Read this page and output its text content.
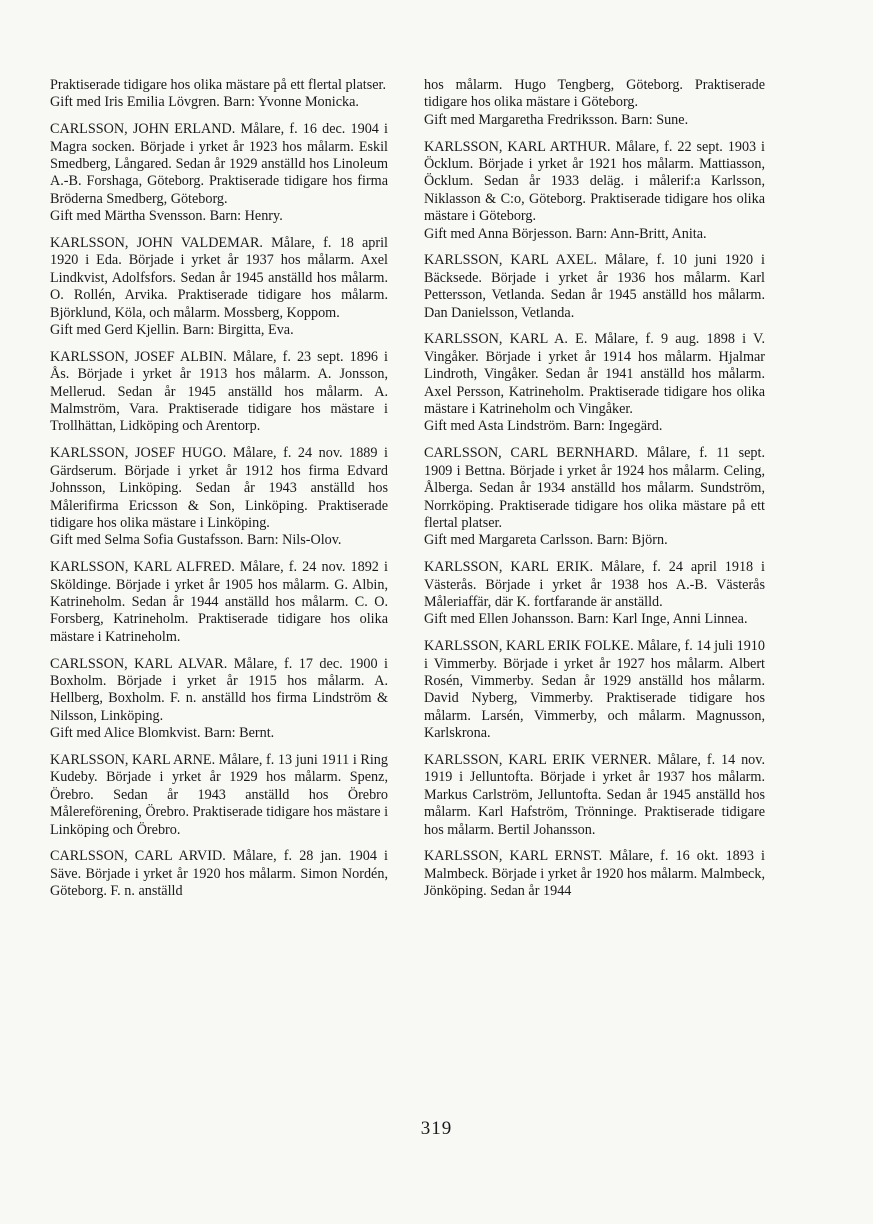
Praktiserade tidigare hos olika mästare på ett flertal platser.

Gift med Iris Emilia Lövgren. Barn: Yvonne Monicka.

CARLSSON, JOHN ERLAND. Målare, f. 16 dec. 1904 i Magra socken. Började i yrket år 1923 hos målarm. Eskil Smedberg, Långared. Sedan år 1929 anställd hos Linoleum A.-B. Forshaga, Göteborg. Praktiserade tidigare hos firma Bröderna Smedberg, Göteborg.

Gift med Märtha Svensson. Barn: Henry.

KARLSSON, JOHN VALDEMAR. Målare, f. 18 april 1920 i Eda. Började i yrket år 1937 hos målarm. Axel Lindkvist, Adolfsfors. Sedan år 1945 anställd hos målarm. O. Rollén, Arvika. Praktiserade tidigare hos målarm. Björklund, Köla, och målarm. Mossberg, Koppom.

Gift med Gerd Kjellin. Barn: Birgitta, Eva.

KARLSSON, JOSEF ALBIN. Målare, f. 23 sept. 1896 i Ås. Började i yrket år 1913 hos målarm. A. Jonsson, Mellerud. Sedan år 1945 anställd hos målarm. A. Malmström, Vara. Praktiserade tidigare hos mästare i Trollhättan, Lidköping och Arentorp.

KARLSSON, JOSEF HUGO. Målare, f. 24 nov. 1889 i Gärdserum. Började i yrket år 1912 hos firma Edvard Johnsson, Linköping. Sedan år 1943 anställd hos Målerifirma Ericsson & Son, Linköping. Praktiserade tidigare hos olika mästare i Linköping.

Gift med Selma Sofia Gustafsson. Barn: Nils-Olov.

KARLSSON, KARL ALFRED. Målare, f. 24 nov. 1892 i Sköldinge. Började i yrket år 1905 hos målarm. G. Albin, Katrineholm. Sedan år 1944 anställd hos målarm. C. O. Forsberg, Katrineholm. Praktiserade tidigare hos olika mästare i Katrineholm.

CARLSSON, KARL ALVAR. Målare, f. 17 dec. 1900 i Boxholm. Började i yrket år 1915 hos målarm. A. Hellberg, Boxholm. F. n. anställd hos firma Lindström & Nilsson, Linköping.

Gift med Alice Blomkvist. Barn: Bernt.

KARLSSON, KARL ARNE. Målare, f. 13 juni 1911 i Ring Kudeby. Började i yrket år 1929 hos målarm. Spenz, Örebro. Sedan år 1943 anställd hos Örebro Målereförening, Örebro. Praktiserade tidigare hos mästare i Linköping och Örebro.

CARLSSON, CARL ARVID. Målare, f. 28 jan. 1904 i Säve. Började i yrket år 1920 hos målarm. Simon Nordén, Göteborg. F. n. anställd

hos målarm. Hugo Tengberg, Göteborg. Praktiserade tidigare hos olika mästare i Göteborg.

Gift med Margaretha Fredriksson. Barn: Sune.

KARLSSON, KARL ARTHUR. Målare, f. 22 sept. 1903 i Öcklum. Började i yrket år 1921 hos målarm. Mattiasson, Öcklum. Sedan år 1933 deläg. i målerif:a Karlsson, Niklasson & C:o, Göteborg. Praktiserade tidigare hos olika mästare i Göteborg.

Gift med Anna Börjesson. Barn: Ann-Britt, Anita.

KARLSSON, KARL AXEL. Målare, f. 10 juni 1920 i Bäcksede. Började i yrket år 1936 hos målarm. Karl Pettersson, Vetlanda. Sedan år 1945 anställd hos målarm. Dan Danielsson, Vetlanda.

KARLSSON, KARL A. E. Målare, f. 9 aug. 1898 i V. Vingåker. Började i yrket år 1914 hos målarm. Hjalmar Lindroth, Vingåker. Sedan år 1941 anställd hos målarm. Axel Persson, Katrineholm. Praktiserade tidigare hos olika mästare i Katrineholm och Vingåker.

Gift med Asta Lindström. Barn: Ingegärd.

CARLSSON, CARL BERNHARD. Målare, f. 11 sept. 1909 i Bettna. Började i yrket år 1924 hos målarm. Celing, Ålberga. Sedan år 1934 anställd hos målarm. Sundström, Norrköping. Praktiserade tidigare hos olika mästare på ett flertal platser.

Gift med Margareta Carlsson. Barn: Björn.

KARLSSON, KARL ERIK. Målare, f. 24 april 1918 i Västerås. Började i yrket år 1938 hos A.-B. Västerås Måleriaffär, där K. fortfarande är anställd.

Gift med Ellen Johansson. Barn: Karl Inge, Anni Linnea.

KARLSSON, KARL ERIK FOLKE. Målare, f. 14 juli 1910 i Vimmerby. Började i yrket år 1927 hos målarm. Albert Rosén, Vimmerby. Sedan år 1929 anställd hos målarm. David Nyberg, Vimmerby. Praktiserade tidigare hos målarm. Larsén, Vimmerby, och målarm. Magnusson, Karlskrona.

KARLSSON, KARL ERIK VERNER. Målare, f. 14 nov. 1919 i Jelluntofta. Började i yrket år 1937 hos målarm. Markus Carlström, Jelluntofta. Sedan år 1945 anställd hos målarm. Karl Hafström, Trönninge. Praktiserade tidigare hos målarm. Bertil Johansson.

KARLSSON, KARL ERNST. Målare, f. 16 okt. 1893 i Malmbeck. Började i yrket år 1920 hos målarm. Malmbeck, Jönköping. Sedan år 1944

319
